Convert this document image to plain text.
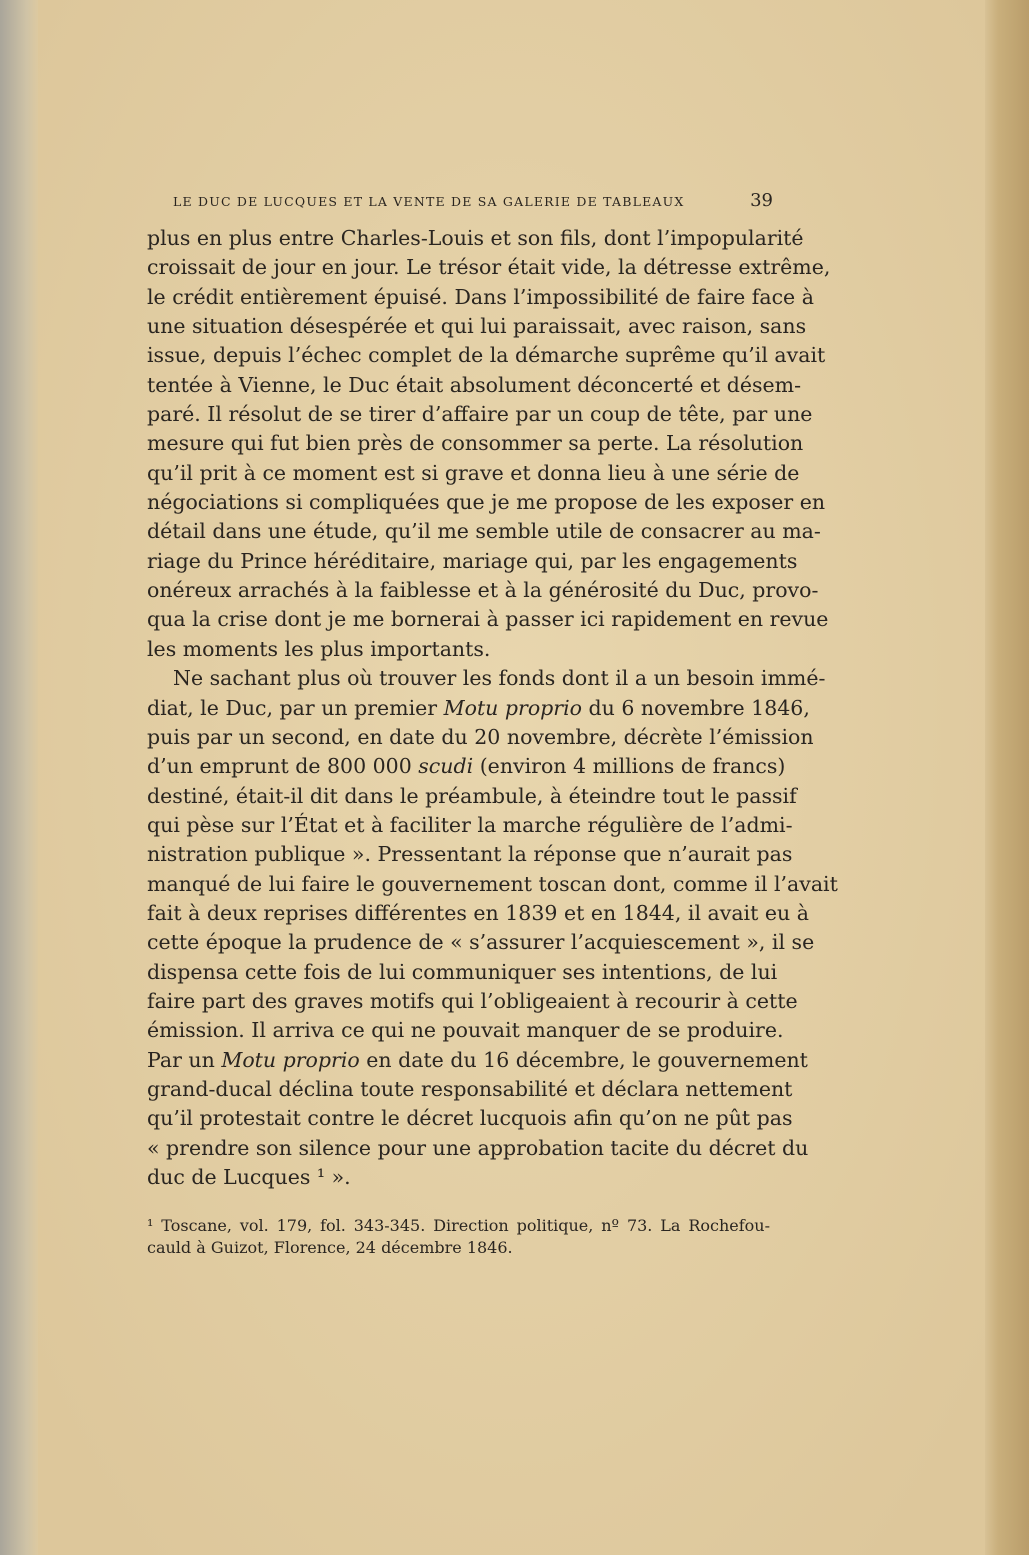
LE DUC DE LUCQUES ET LA VENTE DE SA GALERIE DE TABLEAUX	39
plus en plus entre Charles-Louis et son fils, dont l’impopularité
croissait de jour en jour. Le trésor était vide, la détresse extrême,
le crédit entièrement épuisé. Dans l’impossibilité de faire face à
une situation désespérée et qui lui paraissait, avec raison, sans
issue, depuis l’échec complet de la démarche suprême qu’il avait
tentée à Vienne, le Duc était absolument déconcerté et désem-
paré. Il résolut de se tirer d’affaire par un coup de tête, par une
mesure qui fut bien près de consommer sa perte. La résolution
qu’il prit à ce moment est si grave et donna lieu à une série de
négociations si compliquées que je me propose de les exposer en
détail dans une étude, qu’il me semble utile de consacrer au ma-
riage du Prince héréditaire, mariage qui, par les engagements
onéreux arrachés à la faiblesse et à la générosité du Duc, provo-
qua la crise dont je me bornerai à passer ici rapidement en revue
les moments les plus importants.
Ne sachant plus où trouver les fonds dont il a un besoin immé-
diat, le Duc, par un premier Motu proprio du 6 novembre 1846,
puis par un second, en date du 20 novembre, décrète l’émission
d’un emprunt de 800 000 scudi (environ 4 millions de francs)
destiné, était-il dit dans le préambule, à éteindre tout le passif
qui pèse sur l’État et à faciliter la marche régulière de l’admi-
nistration publique ». Pressentant la réponse que n’aurait pas
manqué de lui faire le gouvernement toscan dont, comme il l’avait
fait à deux reprises différentes en 1839 et en 1844, il avait eu à
cette époque la prudence de « s’assurer l’acquiescement », il se
dispensa cette fois de lui communiquer ses intentions, de lui
faire part des graves motifs qui l’obligeaient à recourir à cette
émission. Il arriva ce qui ne pouvait manquer de se produire.
Par un Motu proprio en date du 16 décembre, le gouvernement
grand-ducal déclina toute responsabilité et déclara nettement
qu’il protestait contre le décret lucquois afin qu’on ne pût pas
« prendre son silence pour une approbation tacite du décret du
duc de Lucques ¹ ».
¹ Toscane, vol. 179, fol. 343-345. Direction politique, nº 73. La Rochefou-
cauld à Guizot, Florence, 24 décembre 1846.
